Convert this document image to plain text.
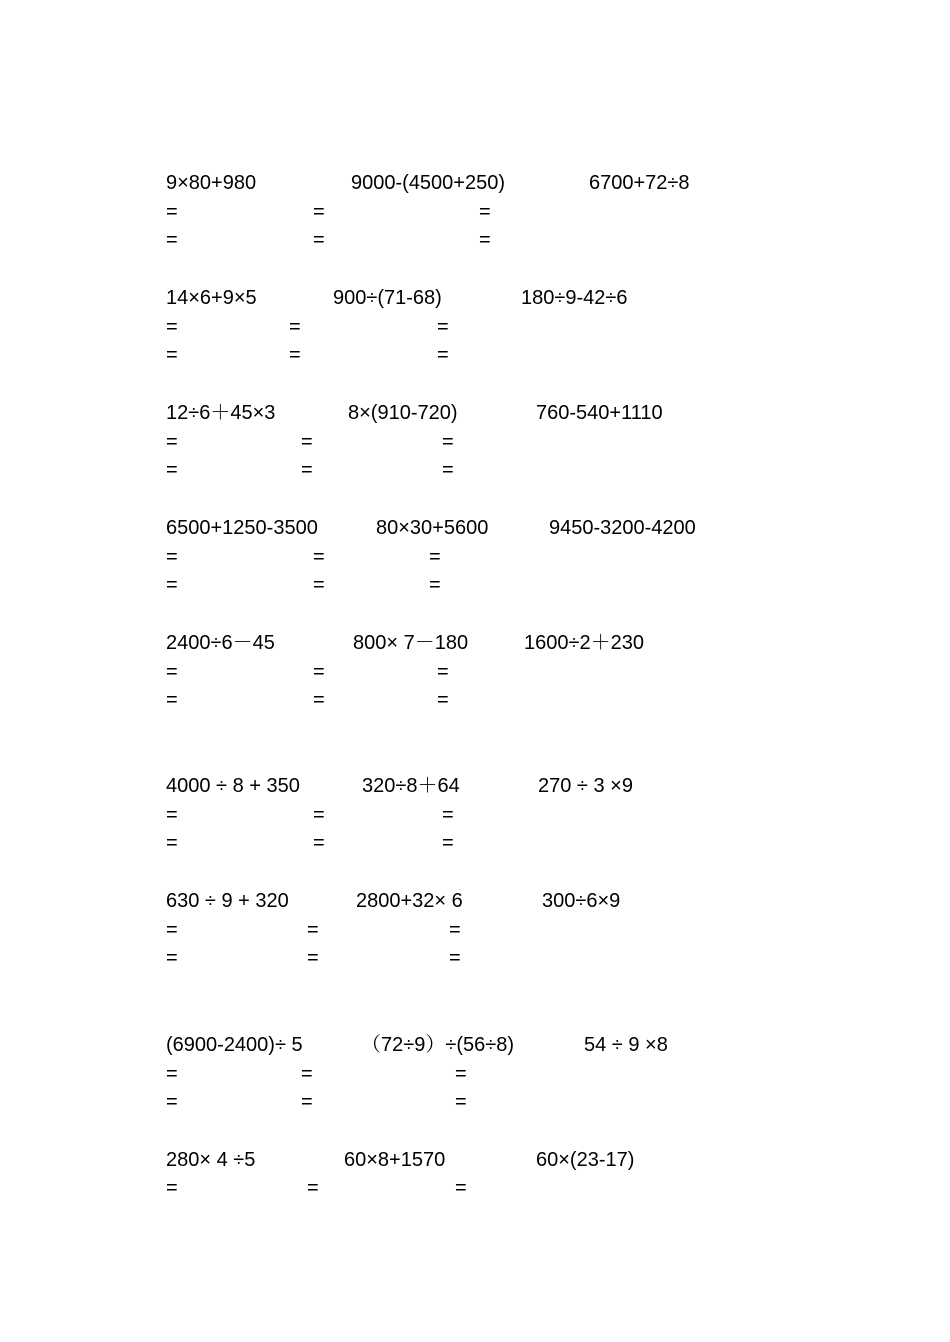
9×80+980	9000-(4500+250)	6700+72÷8
=	=	=
=	=	=
14×6+9×5	900÷(71-68)	180÷9-42÷6
=	=	=
=	=	=
12÷6＋45×3	8×(910-720)	760-540+1110
=	=	=
=	=	=
6500+1250-3500	80×30+5600	9450-3200-4200
=	=	=
=	=	=
2400÷6－45	800× 7－180	1600÷2＋230
=	=	=
=	=	=
4000 ÷ 8 + 350	320÷8＋64	270 ÷ 3 ×9
=	=	=
=	=	=
630 ÷ 9 + 320	2800+32× 6	300÷6×9
=	=	=
=	=	=
(6900-2400)÷ 5	（72÷9）÷(56÷8)	54 ÷ 9 ×8
=	=	=
=	=	=
280× 4 ÷5	60×8+1570	60×(23-17)
=	=	=
